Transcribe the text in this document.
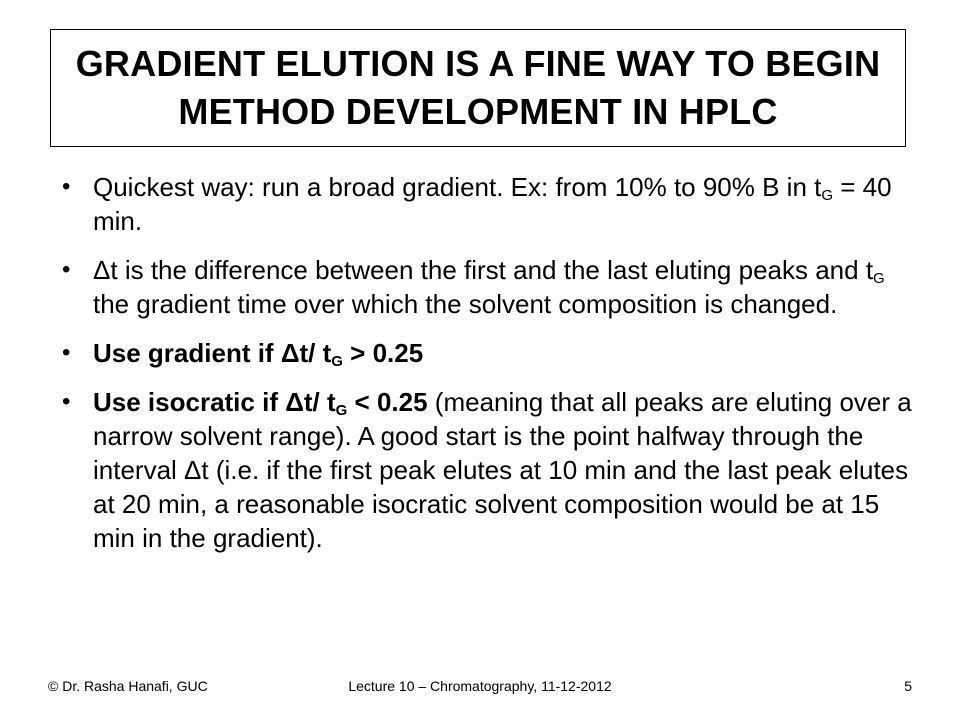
GRADIENT ELUTION IS A FINE WAY TO BEGIN
METHOD DEVELOPMENT IN HPLC
• Quickest way: run a broad gradient. Ex: from 10% to 90% B in $t_G = 40$ min.
• Δt is the difference between the first and the last eluting peaks and $t_G$ the gradient time over which the solvent composition is changed.
• Use gradient if Δt/ $t_G > 0.25$
• Use isocratic if Δt/ $t_G < 0.25$ (meaning that all peaks are eluting over a narrow solvent range). A good start is the point halfway through the interval Δt (i.e. if the first peak elutes at 10 min and the last peak elutes at 20 min, a reasonable isocratic solvent composition would be at 15 min in the gradient).
© Dr. Rasha Hanafi, GUC	Lecture 10 – Chromatography, 11-12-2012	5
